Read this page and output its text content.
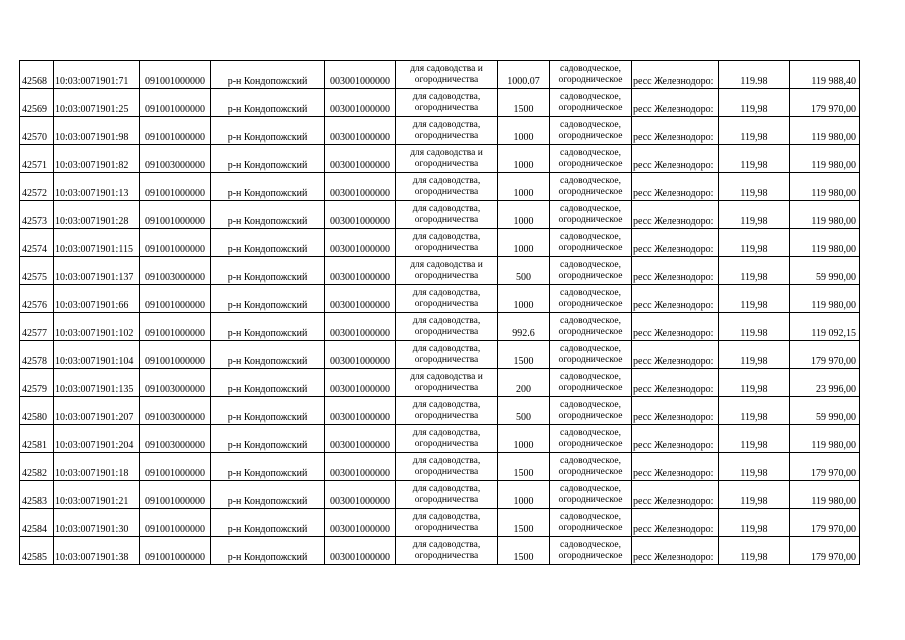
42568	10:03:0071901:71	091001000000	р-н Кондопожский	003001000000	для садоводства и
огородничества	1000.07	садоводческое,
огородническое	ресс Железнодоро:	119.98	119 988,40
42569	10:03:0071901:25	091001000000	р-н Кондопожский	003001000000	для садоводства,
огородничества	1500	садоводческое,
огородническое	ресс Железнодоро:	119,98	179 970,00
42570	10:03:0071901:98	091001000000	р-н Кондопожский	003001000000	для садоводства,
огородничества	1000	садоводческое,
огородническое	ресс Железнодоро:	119,98	119 980,00
42571	10:03:0071901:82	091003000000	р-н Кондопожский	003001000000	для садоводства и
огородничества	1000	садоводческое,
огородническое	ресс Железнодоро:	119,98	119 980,00
42572	10:03:0071901:13	091001000000	р-н Кондопожский	003001000000	для садоводства,
огородничества	1000	садоводческое,
огородническое	ресс Железнодоро:	119,98	119 980,00
42573	10:03:0071901:28	091001000000	р-н Кондопожский	003001000000	для садоводства,
огородничества	1000	садоводческое,
огородническое	ресс Железнодоро:	119,98	119 980,00
42574	10:03:0071901:115	091001000000	р-н Кондопожский	003001000000	для садоводства,
огородничества	1000	садоводческое,
огородническое	ресс Железнодоро:	119,98	119 980,00
42575	10:03:0071901:137	091003000000	р-н Кондопожский	003001000000	для садоводства и
огородничества	500	садоводческое,
огородническое	ресс Железнодоро:	119,98	59 990,00
42576	10:03:0071901:66	091001000000	р-н Кондопожский	003001000000	для садоводства,
огородничества	1000	садоводческое,
огородническое	ресс Железнодоро:	119,98	119 980,00
42577	10:03:0071901:102	091001000000	р-н Кондопожский	003001000000	для садоводства,
огородничества	992.6	садоводческое,
огородническое	ресс Железнодоро:	119.98	119 092,15
42578	10:03:0071901:104	091001000000	р-н Кондопожский	003001000000	для садоводства,
огородничества	1500	садоводческое,
огородническое	ресс Железнодоро:	119,98	179 970,00
42579	10:03:0071901:135	091003000000	р-н Кондопожский	003001000000	для садоводства и
огородничества	200	садоводческое,
огородническое	ресс Железнодоро:	119,98	23 996,00
42580	10:03:0071901:207	091003000000	р-н Кондопожский	003001000000	для садоводства,
огородничества	500	садоводческое,
огородническое	ресс Железнодоро:	119,98	59 990,00
42581	10:03:0071901:204	091003000000	р-н Кондопожский	003001000000	для садоводства,
огородничества	1000	садоводческое,
огородническое	ресс Железнодоро:	119,98	119 980,00
42582	10:03:0071901:18	091001000000	р-н Кондопожский	003001000000	для садоводства,
огородничества	1500	садоводческое,
огородническое	ресс Железнодоро:	119,98	179 970,00
42583	10:03:0071901:21	091001000000	р-н Кондопожский	003001000000	для садоводства,
огородничества	1000	садоводческое,
огородническое	ресс Железнодоро:	119,98	119 980,00
42584	10:03:0071901:30	091001000000	р-н Кондопожский	003001000000	для садоводства,
огородничества	1500	садоводческое,
огородническое	ресс Железнодоро:	119,98	179 970,00
42585	10:03:0071901:38	091001000000	р-н Кондопожский	003001000000	для садоводства,
огородничества	1500	садоводческое,
огородническое	ресс Железнодоро:	119,98	179 970,00
